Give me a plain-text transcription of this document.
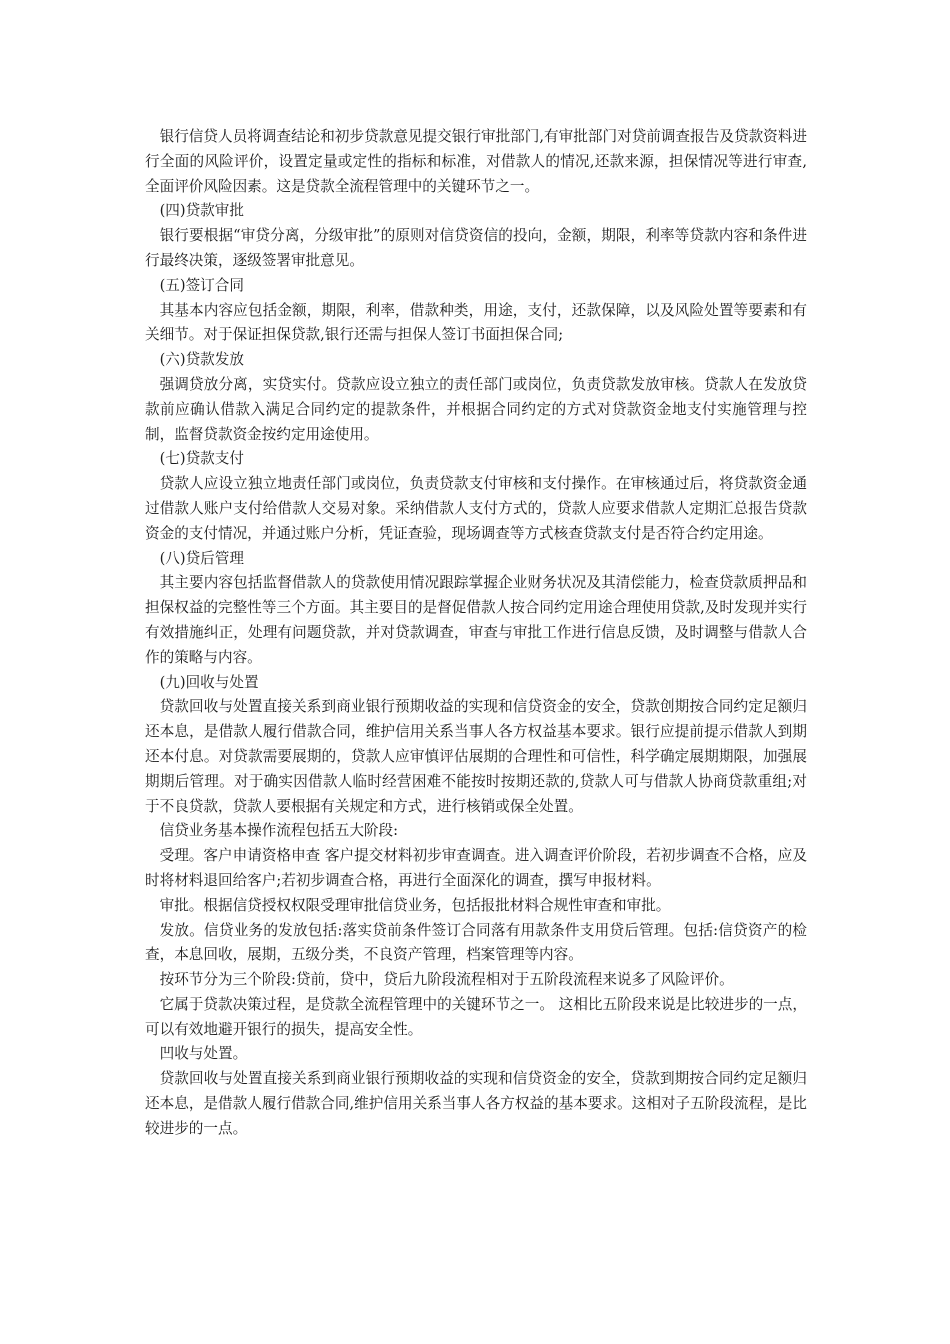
银行信贷人员将调查结论和初步贷款意见提交银行审批部门,有审批部门对贷前调查报告及贷款资料进行全面的风险评价，设置定量或定性的指标和标准，对借款人的情况,还款来源，担保情况等进行审查,全面评价风险因素。这是贷款全流程管理中的关键环节之一。

(四)贷款审批

银行要根据“审贷分离，分级审批”的原则对信贷资信的投向，金额，期限，利率等贷款内容和条件进行最终决策，逐级签署审批意见。

(五)签订合同

其基本内容应包括金额，期限，利率，借款种类，用途，支付，还款保障，以及风险处置等要素和有关细节。对于保证担保贷款,银行还需与担保人签订书面担保合同;

(六)贷款发放

强调贷放分离，实贷实付。贷款应设立独立的责任部门或岗位，负责贷款发放审核。贷款人在发放贷款前应确认借款入满足合同约定的提款条件，并根据合同约定的方式对贷款资金地支付实施管理与控制，监督贷款资金按约定用途使用。

(七)贷款支付

贷款人应设立独立地责任部门或岗位，负责贷款支付审核和支付操作。在审核通过后，将贷款资金通过借款人账户支付给借款人交易对象。采纳借款人支付方式的，贷款人应要求借款人定期汇总报告贷款资金的支付情况，并通过账户分析，凭证查验，现场调查等方式核查贷款支付是否符合约定用途。

(八)贷后管理

其主要内容包括监督借款人的贷款使用情况跟踪掌握企业财务状况及其清偿能力，检查贷款质押品和担保权益的完整性等三个方面。其主要目的是督促借款人按合同约定用途合理使用贷款,及时发现并实行有效措施纠正，处理有问题贷款，并对贷款调查，审查与审批工作进行信息反馈，及时调整与借款人合作的策略与内容。

(九)回收与处置

贷款回收与处置直接关系到商业银行预期收益的实现和信贷资金的安全，贷款创期按合同约定足额归还本息，是借款人履行借款合同，维护信用关系当事人各方权益基本要求。银行应提前提示借款人到期还本付息。对贷款需要展期的，贷款人应审慎评估展期的合理性和可信性，科学确定展期期限，加强展期期后管理。对于确实因借款人临时经营困难不能按时按期还款的,贷款人可与借款人协商贷款重组;对于不良贷款，贷款人要根据有关规定和方式，进行核销或保全处置。

信贷业务基本操作流程包括五大阶段:

受理。客户申请资格申查 客户提交材料初步审查调查。进入调查评价阶段，若初步调查不合格，应及时将材料退回给客户;若初步调查合格，再进行全面深化的调查，撰写申报材料。

审批。根据信贷授权权限受理审批信贷业务，包括报批材料合规性审查和审批。

发放。信贷业务的发放包括:落实贷前条件签订合同落有用款条件支用贷后管理。包括:信贷资产的检查，本息回收，展期，五级分类，不良资产管理，档案管理等内容。

按环节分为三个阶段:贷前，贷中，贷后九阶段流程相对于五阶段流程来说多了风险评价。

它属于贷款决策过程，是贷款全流程管理中的关键环节之一。 这相比五阶段来说是比较进步的一点，可以有效地避开银行的损失，提高安全性。

凹收与处置。

贷款回收与处置直接关系到商业银行预期收益的实现和信贷资金的安全，贷款到期按合同约定足额归还本息，是借款人履行借款合同,维护信用关系当事人各方权益的基本要求。这相对子五阶段流程，是比较进步的一点。
